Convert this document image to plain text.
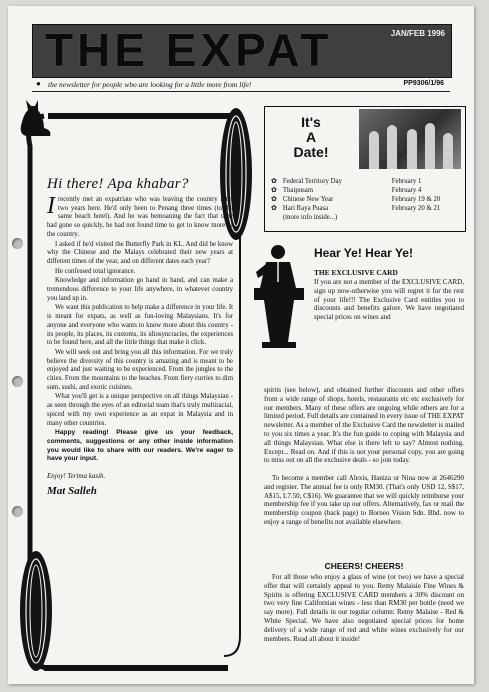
THE EXPAT	JAN/FEB 1996
● the newsletter for people who are looking for a little more from life!	PP9306/1/96
Hi there! Apa khabar?

Irecently met an expatriate who was leaving the country after two years here. He'd only been to Penang three times (to the same beach hotel). And he was bemoaning the fact that time had gone so quickly, he had not found time to get to know more of the country.

I asked if he'd visited the Butterfly Park in KL. And did he know why the Chinese and the Malays celebrated their new years at different times of the year, and on different dates each year?

He confessed total ignorance.

Knowledge and information go hand in hand, and can make a tremendous difference to your life anywhere, in whatever country you land up in.

We want this publication to help make a difference in your life. It is meant for expats, as well as fun-loving Malaysians. It's for anyone and everyone who wants to know more about this country - its people, its places, its customs, its idiosyncracies, the experiences to be found here, and all the little things that make it click.

We will seek out and bring you all this information. For we truly believe the diversity of this country is amazing and is meant to be enjoyed and just waiting to be experienced. From the jungles to the cities. From the mountains to the beaches. From fiery curries to dim sum, sushi, and exotic cuisines.

What you'll get is a unique perspective on all things Malaysian - as seen through the eyes of an editorial team that's truly multiracial, spiced with my own experience as an expat in Malaysia and in many other countries.

Happy reading! Please give us your feedback, comments, suggestions or any other inside information you would like to share with our readers. We're eager to have your input.

Enjoy! Terima kasih.
Mat Salleh
It's
A
Date!
✿ Federal Territory Day	February 1
✿ Thaipusam	February 4
✿ Chinese New Year	February 19 & 20
✿ Hari Raya Puasa	February 20 & 21
(more info inside...)
Hear Ye! Hear Ye!
THE EXCLUSIVE CARD

If you are not a member of the EXCLUSIVE CARD, sign up now-otherwise you will regret it for the rest of your life!!! The Exclusive Card entitles you to discounts and benefits galore. We have negotiated special prices on wines and

spirits (see below), and obtained further discounts and other offers from a wide range of shops, hotels, restaurants etc etc exclusively for our members. Many of these offers are ongoing while others are for a limited period. Full details are contained in every issue of THE EXPAT newsletter. As a member of the Exclusive Card the newsletter is mailed to you six times a year. It's the fun guide to coping with Malaysia and all things Malaysian. What else is there left to say? Almost nothing. Except... Read on. And if this is not your personal copy, you are going to miss out on all the exclusive deals - so join today.

To become a member call Alexis, Haniza or Nina now at 2646290 and register. The annual fee is only RM30. (That's only USD 12, S$17, A$15, L7.50, C$16). We guarantee that we will quickly reimburse your membership fee if you take up our offers. Alternatively, fax or mail the membership coupon (back page) to Borneo Vision Sdn. Bhd. now to enjoy a range of benefits not available elsewhere.

CHEERS! CHEERS!

For all those who enjoy a glass of wine (or two) we have a special offer that will certainly appeal to you. Remy Malaisie Fine Wines & Spirits is offering EXCLUSIVE CARD members a 30% discount on two very fine Californian wines - less than RM30 per bottle (need we say more). Full details in our regular column: Remy Malaise - Red & White Special. We have also negotiated special prices for home delivery of a wide range of red and white wines exclusively for our members. Read all about it inside!
